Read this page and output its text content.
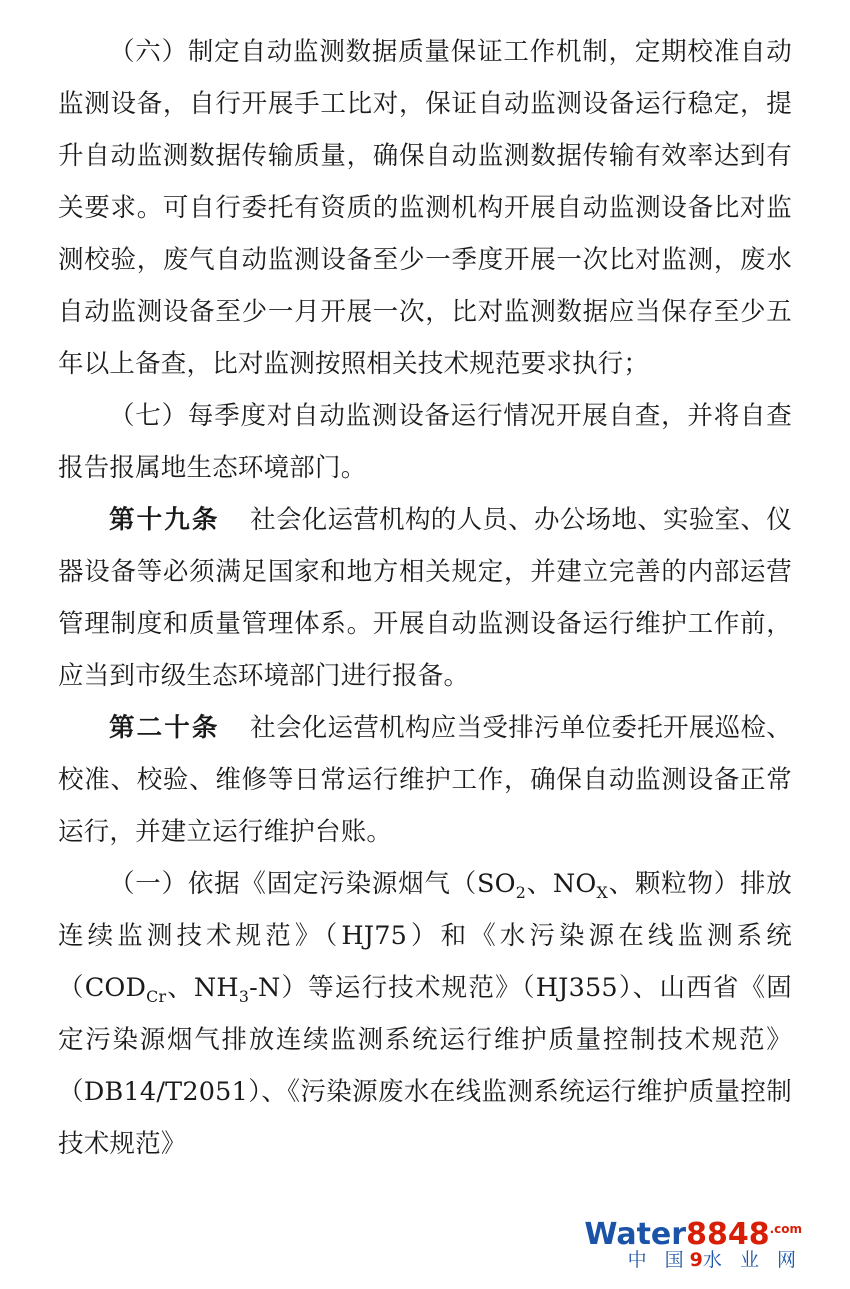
（六）制定自动监测数据质量保证工作机制，定期校准自动监测设备，自行开展手工比对，保证自动监测设备运行稳定，提升自动监测数据传输质量，确保自动监测数据传输有效率达到有关要求。可自行委托有资质的监测机构开展自动监测设备比对监测校验，废气自动监测设备至少一季度开展一次比对监测，废水自动监测设备至少一月开展一次，比对监测数据应当保存至少五年以上备查，比对监测按照相关技术规范要求执行；

（七）每季度对自动监测设备运行情况开展自查，并将自查报告报属地生态环境部门。

第十九条 社会化运营机构的人员、办公场地、实验室、仪器设备等必须满足国家和地方相关规定，并建立完善的内部运营管理制度和质量管理体系。开展自动监测设备运行维护工作前，应当到市级生态环境部门进行报备。

第二十条 社会化运营机构应当受排污单位委托开展巡检、校准、校验、维修等日常运行维护工作，确保自动监测设备正常运行，并建立运行维护台账。

（一）依据《固定污染源烟气（$SO_2$、$NO_X$、颗粒物）排放连续监测技术规范》（HJ75）和《水污染源在线监测系统（$COD_{Cr}$、$NH_3-N$）等运行技术规范》（HJ355）、山西省《固定污染源烟气排放连续监测系统运行维护质量控制技术规范》（DB14/T2051）、《污染源废水在线监测系统运行维护质量控制技术规范》

$Water8848^{.com}$
中 国9水 业 网
